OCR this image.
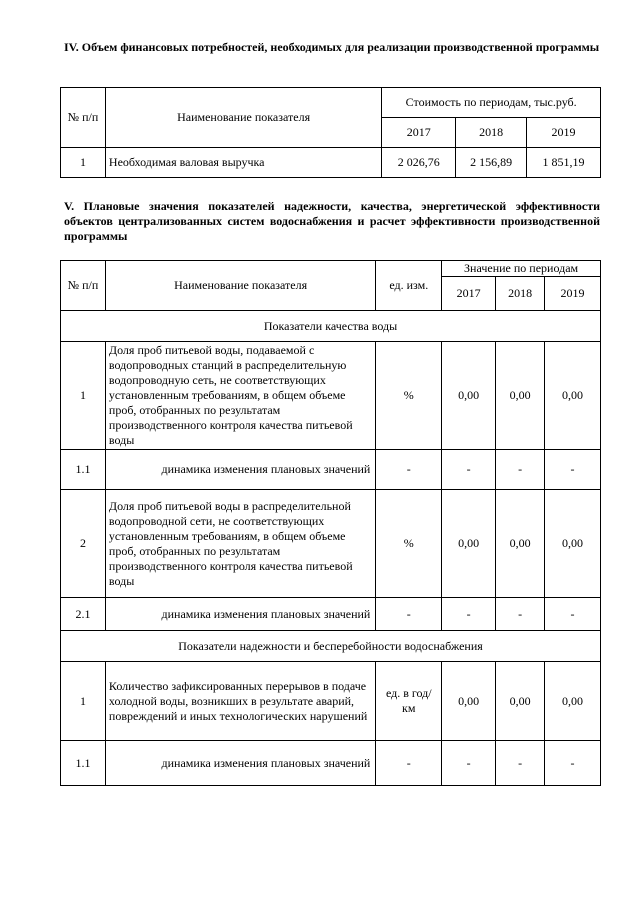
IV. Объем финансовых потребностей, необходимых для реализации производственной программы
№ п/п	Наименование показателя	Стоимость по периодам, тыс.руб.		
		2017	2018	2019
1	Необходимая валовая выручка	2 026,76	2 156,89	1 851,19
V. Плановые значения показателей надежности, качества, энергетической эффективности объектов централизованных систем водоснабжения и расчет эффективности производственной программы
№ п/п	Наименование показателя	ед. изм.	Значение по периодам		
			2017	2018	2019
Показатели качества воды					
1	Доля проб питьевой воды, подаваемой с водопроводных станций в распределительную водопроводную сеть, не соответствующих установленным требованиям, в общем объеме проб, отобранных по результатам производственного контроля качества питьевой воды	%	0,00	0,00	0,00
1.1	динамика изменения плановых значений	-	-	-	-
2	Доля проб питьевой воды в распределительной водопроводной сети, не соответствующих установленным требованиям, в общем объеме проб, отобранных по результатам производственного контроля качества питьевой воды	%	0,00	0,00	0,00
2.1	динамика изменения плановых значений	-	-	-	-
Показатели надежности и бесперебойности водоснабжения					
1	Количество зафиксированных перерывов в подаче холодной воды, возникших в результате аварий, повреждений и иных технологических нарушений	ед. в год/ км	0,00	0,00	0,00
1.1	динамика изменения плановых значений	-	-	-	-
